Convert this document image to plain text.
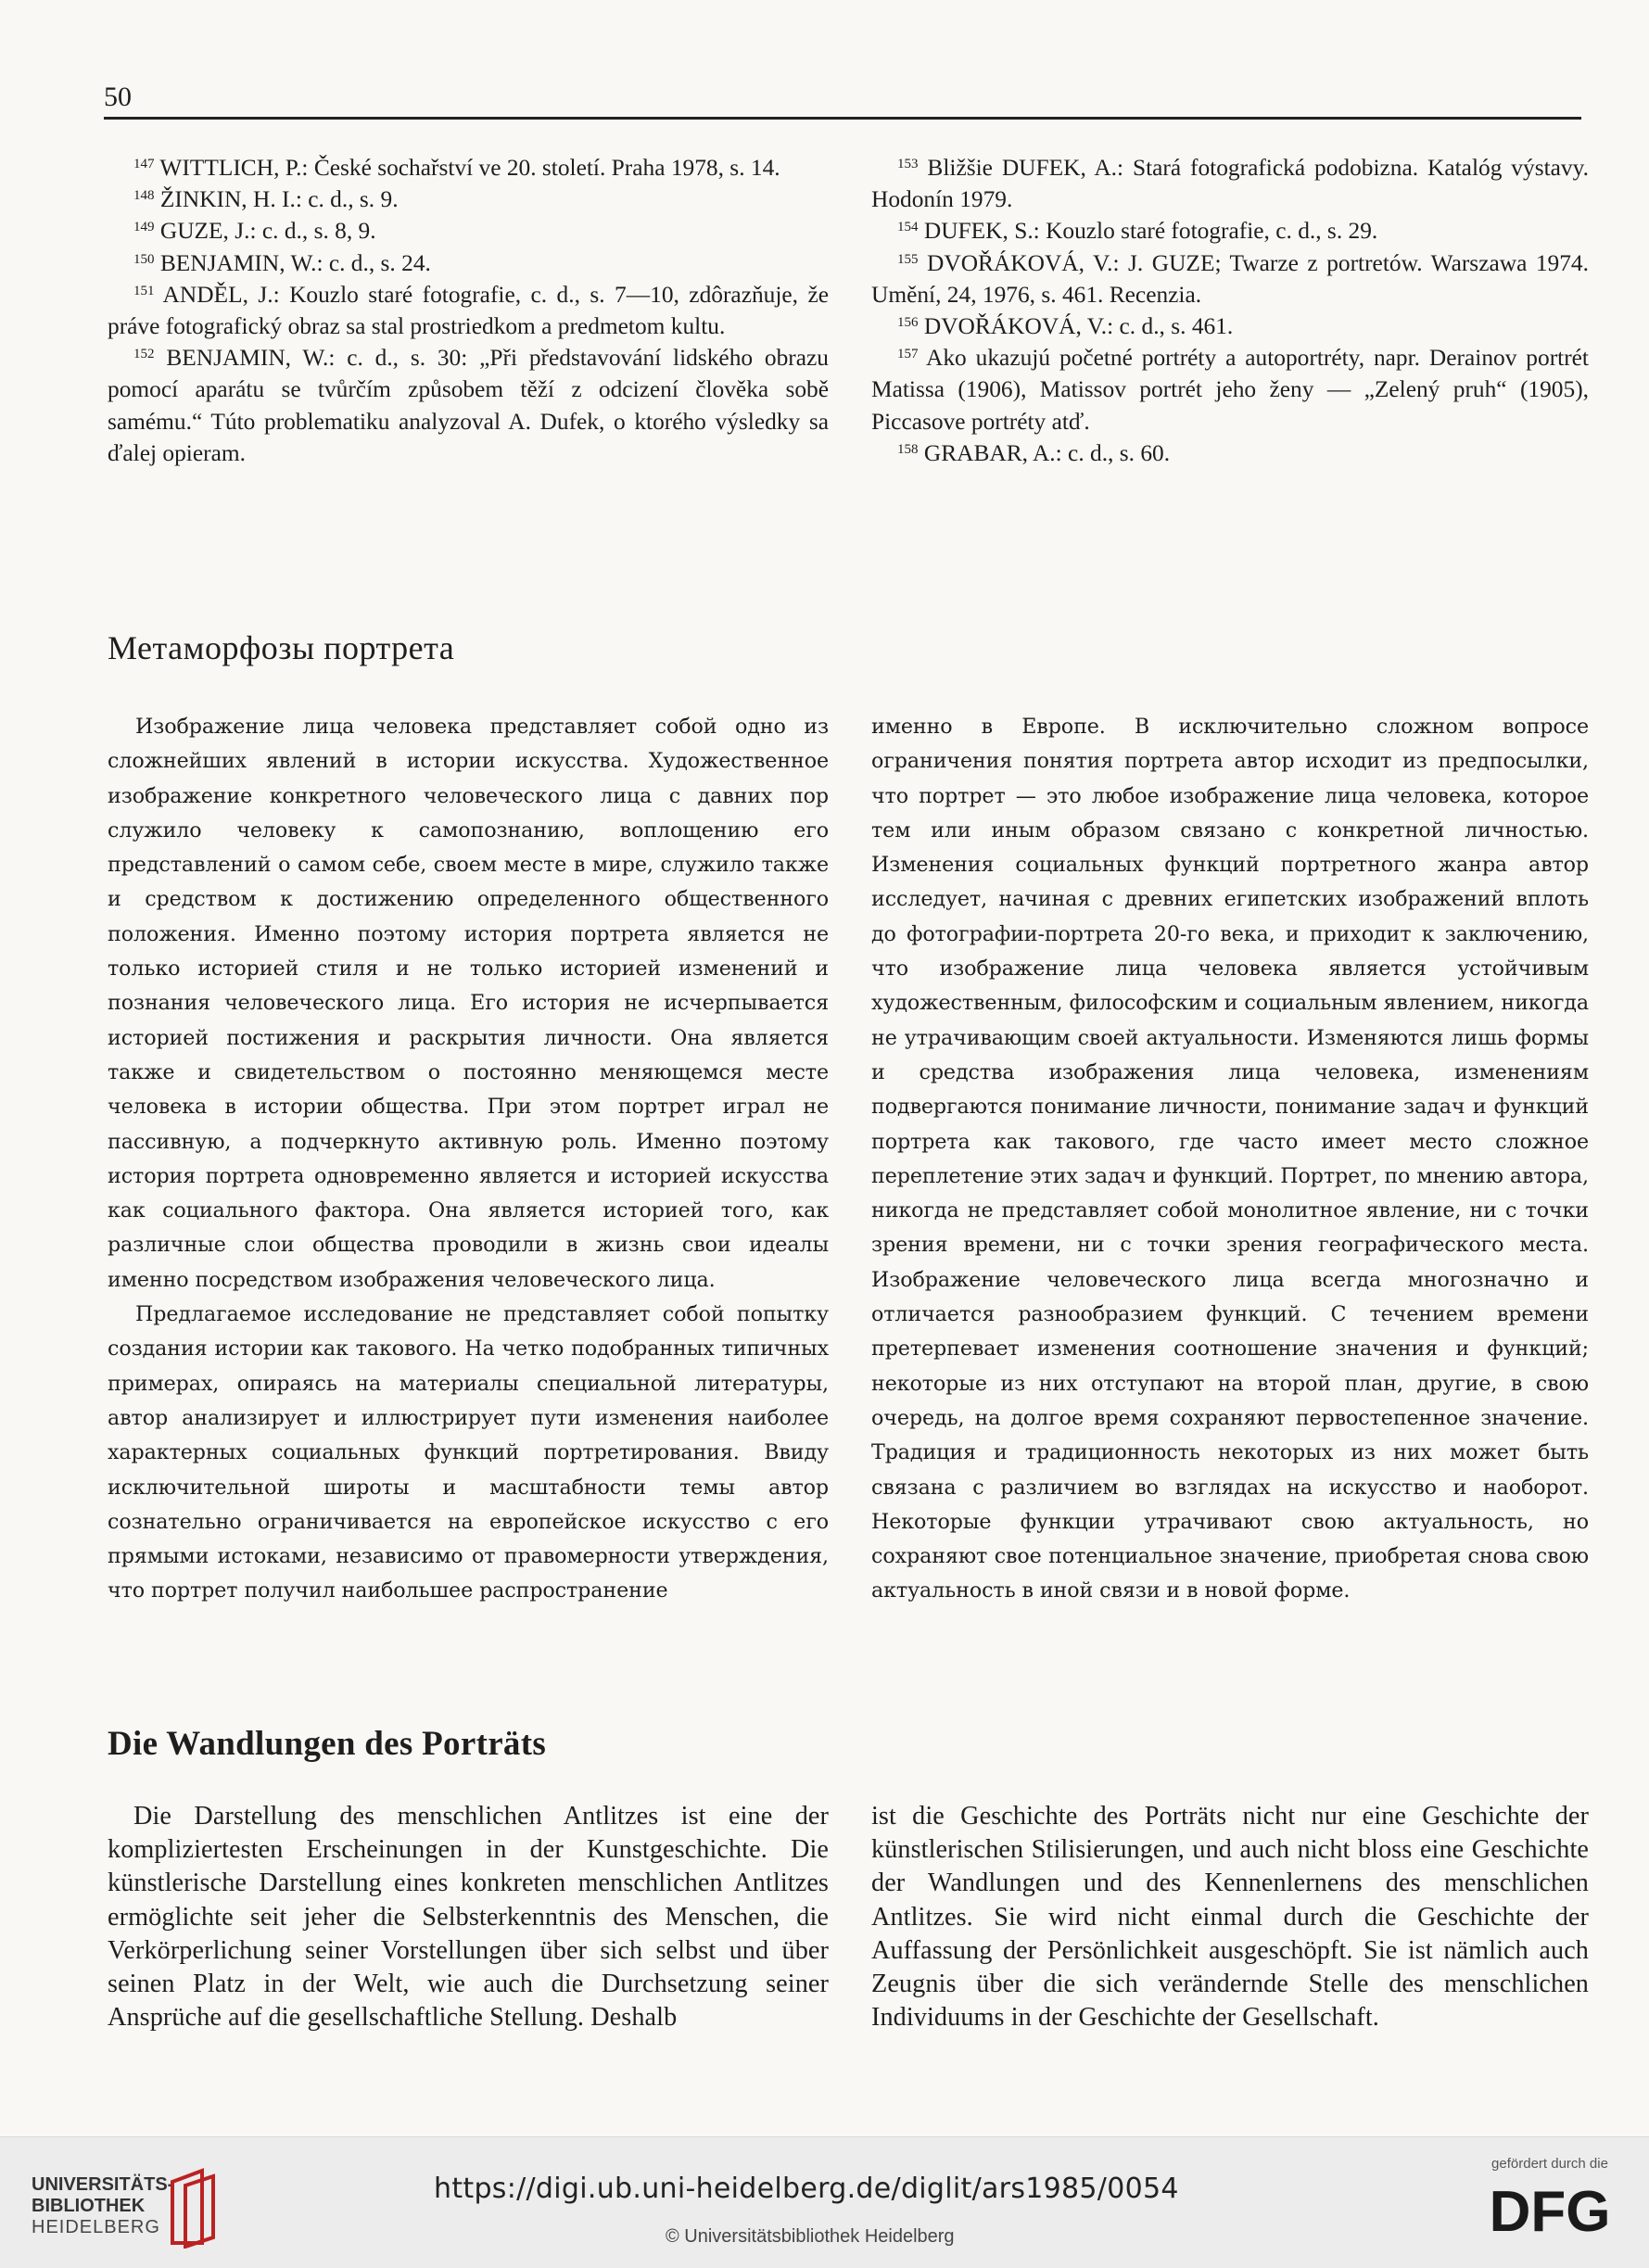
50

$^{147}$ WITTLICH, P.: České sochařství ve 20. století. Praha 1978, s. 14.

$^{148}$ ŽINKIN, H. I.: c. d., s. 9.

$^{149}$ GUZE, J.: c. d., s. 8, 9.

$^{150}$ BENJAMIN, W.: c. d., s. 24.

$^{151}$ ANDĚL, J.: Kouzlo staré fotografie, c. d., s. 7—10, zdôrazňuje, že práve fotografický obraz sa stal prostriedkom a predmetom kultu.

$^{152}$ BENJAMIN, W.: c. d., s. 30: „Při představování lidského obrazu pomocí aparátu se tvůrčím způsobem těží z odcizení člověka sobě samému.“ Túto problematiku analyzoval A. Dufek, o ktorého výsledky sa ďalej opieram.

$^{153}$ Bližšie DUFEK, A.: Stará fotografická podobizna. Katalóg výstavy. Hodonín 1979.

$^{154}$ DUFEK, S.: Kouzlo staré fotografie, c. d., s. 29.

$^{155}$ DVOŘÁKOVÁ, V.: J. GUZE; Twarze z portretów. Warszawa 1974. Umění, 24, 1976, s. 461. Recenzia.

$^{156}$ DVOŘÁKOVÁ, V.: c. d., s. 461.

$^{157}$ Ako ukazujú početné portréty a autoportréty, napr. Derainov portrét Matissa (1906), Matissov portrét jeho ženy — „Zelený pruh“ (1905), Piccasove portréty atď.

$^{158}$ GRABAR, A.: c. d., s. 60.

Метаморфозы портрета

Изображение лица человека представляет собой одно из сложнейших явлений в истории искусства. Художественное изображение конкретного человеческого лица с давних пор служило человеку к самопознанию, воплощению его представлений о самом себе, своем месте в мире, служило также и средством к достижению определенного общественного положения. Именно поэтому история портрета является не только историей стиля и не только историей изменений и познания человеческого лица. Его история не исчерпывается историей постижения и раскрытия личности. Она является также и свидетельством о постоянно меняющемся месте человека в истории общества. При этом портрет играл не пассивную, а подчеркнуто активную роль. Именно поэтому история портрета одновременно является и историей искусства как социального фактора. Она является историей того, как различные слои общества проводили в жизнь свои идеалы именно посредством изображения человеческого лица.

Предлагаемое исследование не представляет собой попытку создания истории как такового. На четко подобранных типичных примерах, опираясь на материалы специальной литературы, автор анализирует и иллюстрирует пути изменения наиболее характерных социальных функций портретирования. Ввиду исключительной широты и масштабности темы автор сознательно ограничивается на европейское искусство с его прямыми истоками, независимо от правомерности утверждения, что портрет получил наибольшее распространение

именно в Европе. В исключительно сложном вопросе ограничения понятия портрета автор исходит из предпосылки, что портрет — это любое изображение лица человека, которое тем или иным образом связано с конкретной личностью. Изменения социальных функций портретного жанра автор исследует, начиная с древних египетских изображений вплоть до фотографии-портрета 20-го века, и приходит к заключению, что изображение лица человека является устойчивым художественным, философским и социальным явлением, никогда не утрачивающим своей актуальности. Изменяются лишь формы и средства изображения лица человека, изменениям подвергаются понимание личности, понимание задач и функций портрета как такового, где часто имеет место сложное переплетение этих задач и функций. Портрет, по мнению автора, никогда не представляет собой монолитное явление, ни с точки зрения времени, ни с точки зрения географического места. Изображение человеческого лица всегда многозначно и отличается разнообразием функций. С течением времени претерпевает изменения соотношение значения и функций; некоторые из них отступают на второй план, другие, в свою очередь, на долгое время сохраняют первостепенное значение. Традиция и традиционность некоторых из них может быть связана с различием во взглядах на искусство и наоборот. Некоторые функции утрачивают свою актуальность, но сохраняют свое потенциальное значение, приобретая снова свою актуальность в иной связи и в новой форме.

Die Wandlungen des Porträts

Die Darstellung des menschlichen Antlitzes ist eine der kompliziertesten Erscheinungen in der Kunstgeschichte. Die künstlerische Darstellung eines konkreten menschlichen Antlitzes ermöglichte seit jeher die Selbsterkenntnis des Menschen, die Verkörperlichung seiner Vorstellungen über sich selbst und über seinen Platz in der Welt, wie auch die Durchsetzung seiner Ansprüche auf die gesellschaftliche Stellung. Deshalb

ist die Geschichte des Porträts nicht nur eine Geschichte der künstlerischen Stilisierungen, und auch nicht bloss eine Geschichte der Wandlungen und des Kennenlernens des menschlichen Antlitzes. Sie wird nicht einmal durch die Geschichte der Auffassung der Persönlichkeit ausgeschöpft. Sie ist nämlich auch Zeugnis über die sich verändernde Stelle des menschlichen Individuums in der Geschichte der Gesellschaft.

UNIVERSITÄTS-
BIBLIOTHEK
HEIDELBERG
https://digi.ub.uni-heidelberg.de/diglit/ars1985/0054
© Universitätsbibliothek Heidelberg
gefördert durch die
DFG
